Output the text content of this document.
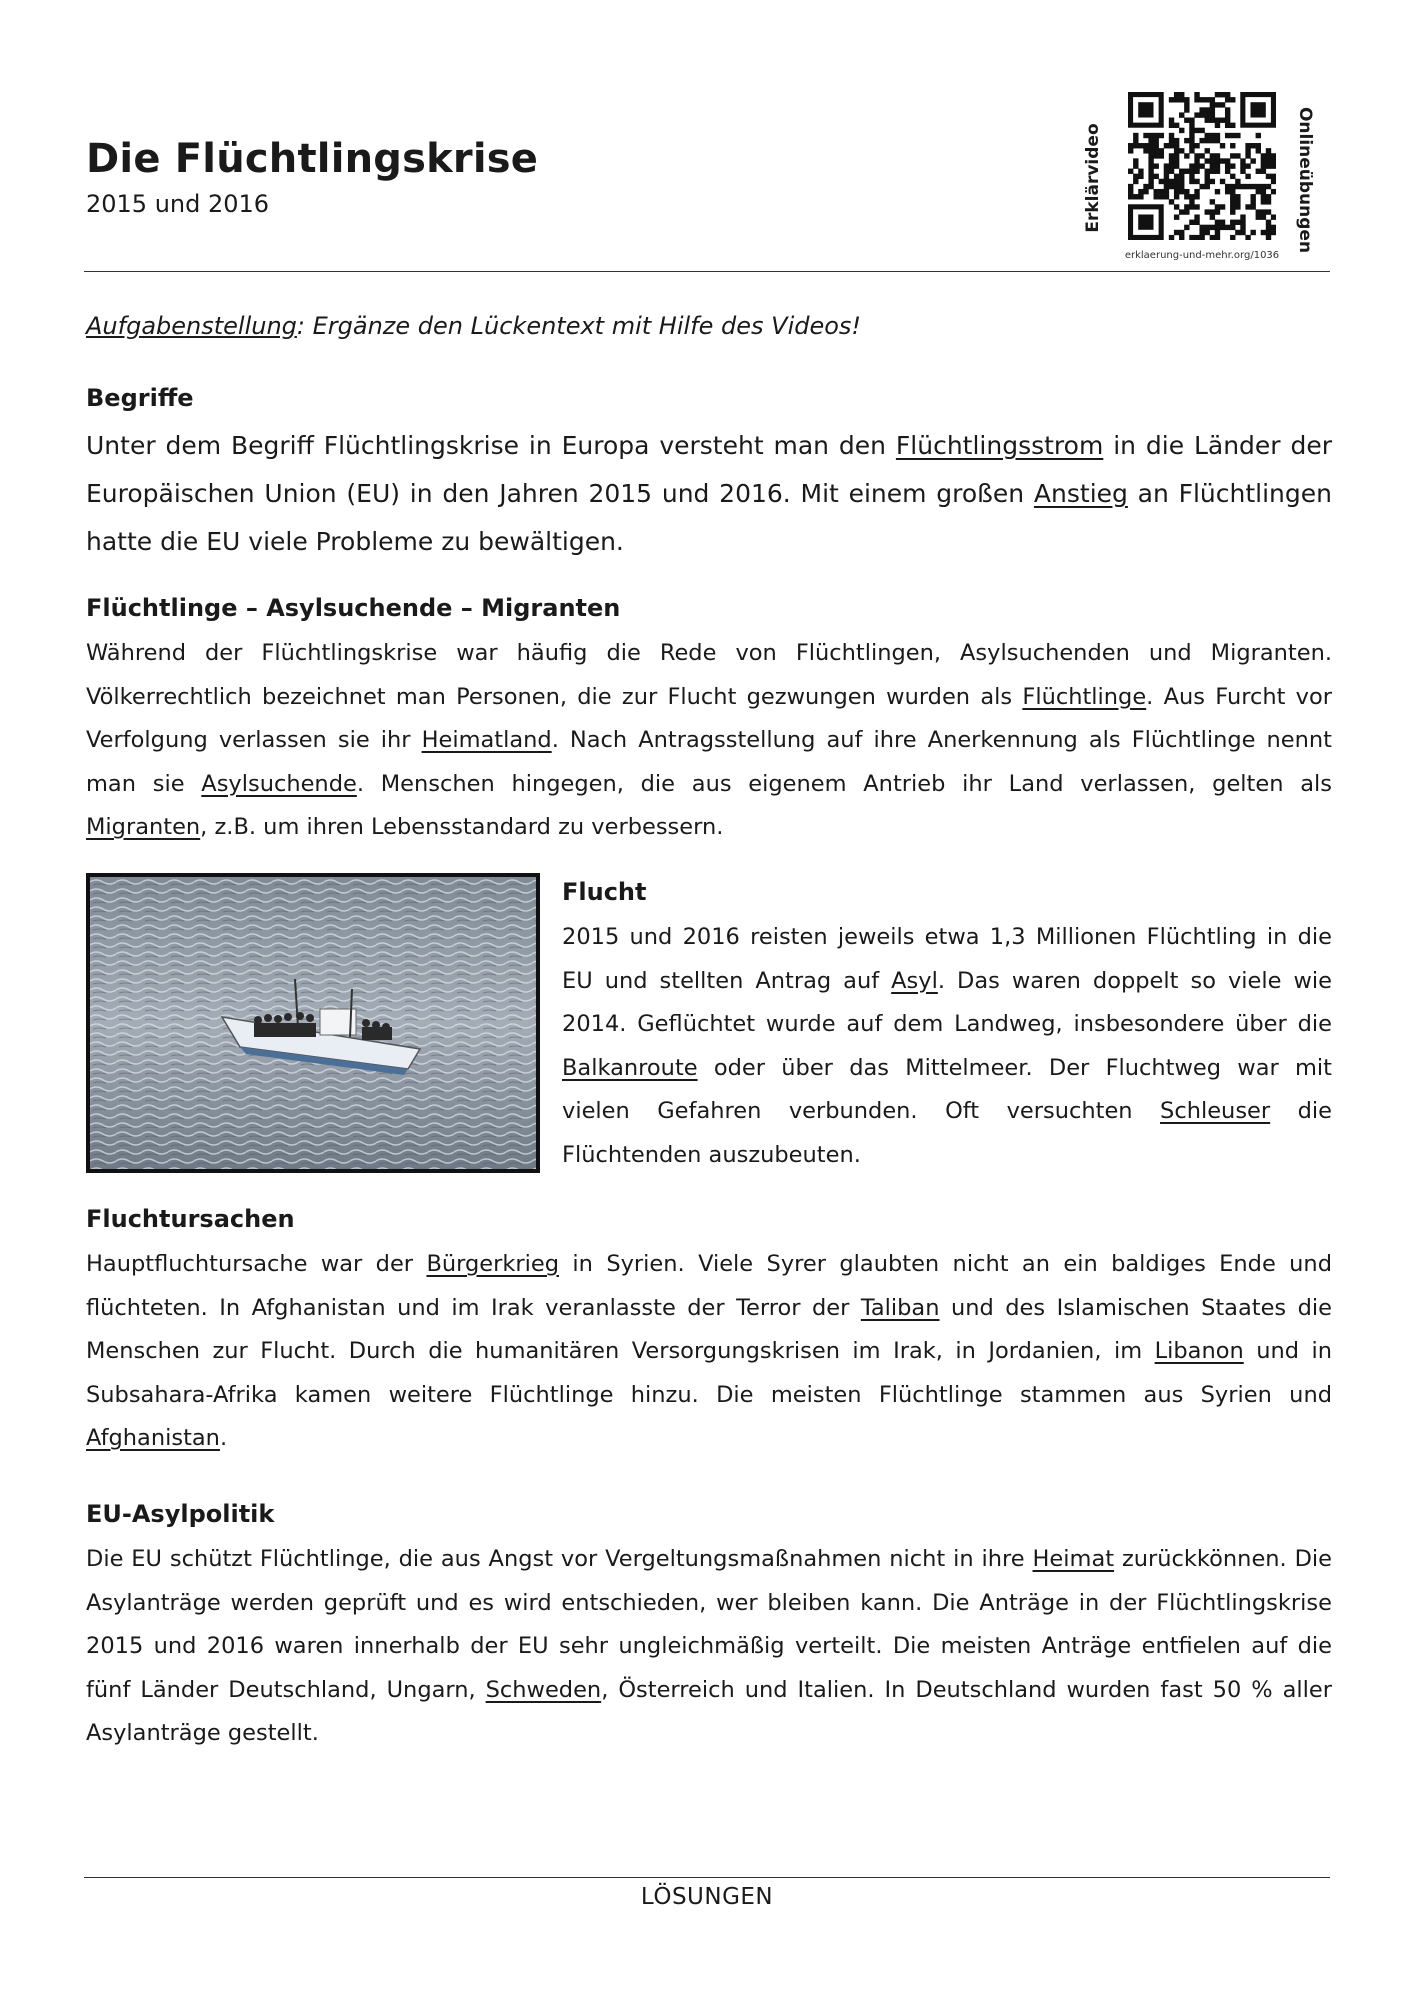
Die Flüchtlingskrise
2015 und 2016	Erklärvideo	Onlineübungen
erklaerung-und-mehr.org/1036
Aufgabenstellung: Ergänze den Lückentext mit Hilfe des Videos!
Begriffe

Unter dem Begriff Flüchtlingskrise in Europa versteht man den Flüchtlingsstrom in die Länder der Europäischen Union (EU) in den Jahren 2015 und 2016. Mit einem großen Anstieg an Flüchtlingen hatte die EU viele Probleme zu bewältigen.

Flüchtlinge – Asylsuchende – Migranten

Während der Flüchtlingskrise war häufig die Rede von Flüchtlingen, Asylsuchenden und Migranten. Völkerrechtlich bezeichnet man Personen, die zur Flucht gezwungen wurden als Flüchtlinge. Aus Furcht vor Verfolgung verlassen sie ihr Heimatland. Nach Antragsstellung auf ihre Anerkennung als Flüchtlinge nennt man sie Asylsuchende. Menschen hingegen, die aus eigenem Antrieb ihr Land verlassen, gelten als Migranten, z.B. um ihren Lebensstandard zu verbessern.

Flucht

2015 und 2016 reisten jeweils etwa 1,3 Millionen Flüchtling in die EU und stellten Antrag auf Asyl. Das waren doppelt so viele wie 2014. Geflüchtet wurde auf dem Landweg, insbesondere über die Balkanroute oder über das Mittelmeer. Der Fluchtweg war mit vielen Gefahren verbunden. Oft versuchten Schleuser die Flüchtenden auszubeuten.

Fluchtursachen

Hauptfluchtursache war der Bürgerkrieg in Syrien. Viele Syrer glaubten nicht an ein baldiges Ende und flüchteten. In Afghanistan und im Irak veranlasste der Terror der Taliban und des Islamischen Staates die Menschen zur Flucht. Durch die humanitären Versorgungskrisen im Irak, in Jordanien, im Libanon und in Subsahara-Afrika kamen weitere Flüchtlinge hinzu. Die meisten Flüchtlinge stammen aus Syrien und Afghanistan.

EU-Asylpolitik

Die EU schützt Flüchtlinge, die aus Angst vor Vergeltungsmaßnahmen nicht in ihre Heimat zurückkönnen. Die Asylanträge werden geprüft und es wird entschieden, wer bleiben kann. Die Anträge in der Flüchtlingskrise 2015 und 2016 waren innerhalb der EU sehr ungleichmäßig verteilt. Die meisten Anträge entfielen auf die fünf Länder Deutschland, Ungarn, Schweden, Österreich und Italien. In Deutschland wurden fast 50 % aller Asylanträge gestellt.

LÖSUNGEN
